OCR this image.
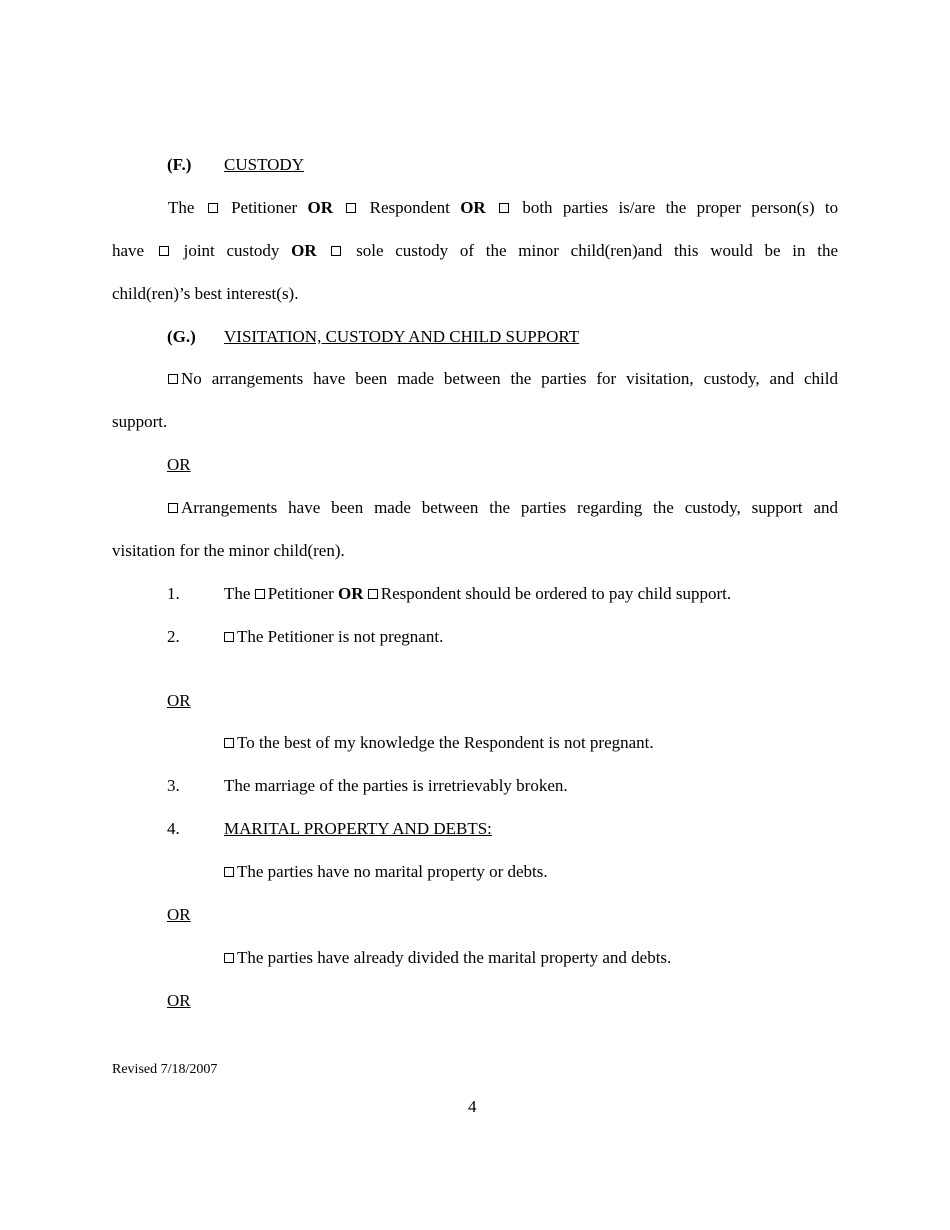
(F.) CUSTODY
The Petitioner OR Respondent OR both parties is/are the proper person(s) to
have joint custody OR sole custody of the minor child(ren)and this would be in the
child(ren)’s best interest(s).
(G.) VISITATION, CUSTODY AND CHILD SUPPORT
No arrangements have been made between the parties for visitation, custody, and child
support.
OR
Arrangements have been made between the parties regarding the custody, support and
visitation for the minor child(ren).
1.	The Petitioner OR Respondent should be ordered to pay child support.
2.	The Petitioner is not pregnant.
OR
To the best of my knowledge the Respondent is not pregnant.
3.	The marriage of the parties is irretrievably broken.
4.	MARITAL PROPERTY AND DEBTS:
The parties have no marital property or debts.
OR
The parties have already divided the marital property and debts.
OR
Revised 7/18/2007
4
